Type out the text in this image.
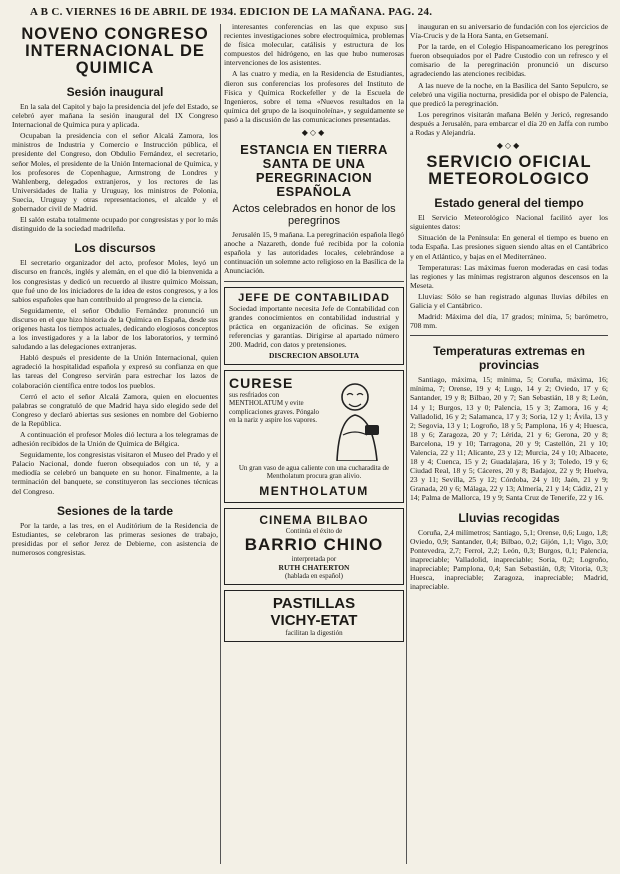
A B C. VIERNES 16 DE ABRIL DE 1934. EDICION DE LA MAÑANA. PAG. 24.
NOVENO CONGRESO INTERNACIONAL DE QUIMICA
Sesión inaugural

En la sala del Capitol y bajo la presidencia del jefe del Estado, se celebró ayer mañana la sesión inaugural del IX Congreso Internacional de Química pura y aplicada.

Ocupaban la presidencia con el señor Alcalá Zamora, los ministros de Industria y Comercio e Instrucción pública, el presidente del Congreso, don Obdulio Fernández, el secretario, señor Moles, el presidente de la Unión Internacional de Química, y los profesores de Copenhague, Armstrong de Londres y Wahlenberg, delegados extranjeros, y los rectores de las Universidades de Italia y Uruguay, los ministros de Polonia, Suecia, Uruguay y otras representaciones, el alcalde y el gobernador civil de Madrid.

El salón estaba totalmente ocupado por congresistas y por lo más distinguido de la sociedad madrileña.

Los discursos

El secretario organizador del acto, profesor Moles, leyó un discurso en francés, inglés y alemán, en el que dió la bienvenida a los congresistas y dedicó un recuerdo al ilustre químico Moissan, que fué uno de los iniciadores de la idea de estos congresos, y a los sabios españoles que han contribuido al progreso de la ciencia.

Seguidamente, el señor Obdulio Fernández pronunció un discurso en el que hizo historia de la Química en España, desde sus orígenes hasta los tiempos actuales, dedicando elogiosos conceptos a los investigadores y a la labor de los laboratorios, y terminó saludando a las delegaciones extranjeras.

Habló después el presidente de la Unión Internacional, quien agradeció la hospitalidad española y expresó su confianza en que las tareas del Congreso servirán para estrechar los lazos de colaboración científica entre todos los pueblos.

Cerró el acto el señor Alcalá Zamora, quien en elocuentes palabras se congratuló de que Madrid haya sido elegido sede del Congreso y declaró abiertas sus sesiones en nombre del Gobierno de la República.

A continuación el profesor Moles dió lectura a los telegramas de adhesión recibidos de la Unión de Química de Bélgica.

Seguidamente, los congresistas visitaron el Museo del Prado y el Palacio Nacional, donde fueron obsequiados con un té, y a mediodía se celebró un banquete en su honor. Finalmente, a la terminación del banquete, se constituyeron las secciones técnicas del Congreso.

Sesiones de la tarde

Por la tarde, a las tres, en el Auditórium de la Residencia de Estudiantes, se celebraron las primeras sesiones de trabajo, presididas por el señor Jerez de Debierne, con asistencia de numerosos congresistas.

interesantes conferencias en las que expuso sus recientes investigaciones sobre electroquímica, problemas de física molecular, catálisis y estructura de los compuestos del hidrógeno, en las que hubo numerosas intervenciones de los asistentes.

A las cuatro y media, en la Residencia de Estudiantes, dieron sus conferencias los profesores del Instituto de Física y Química Rockefeller y de la Escuela de Ingenieros, sobre el tema «Nuevos resultados en la química del grupo de la isoquinoleína», y seguidamente se pasó a la discusión de las comunicaciones presentadas.

◆◇◆
ESTANCIA EN TIERRA SANTA DE UNA PEREGRINACION ESPAÑOLA
Actos celebrados en honor de los peregrinos

Jerusalén 15, 9 mañana. La peregrinación española llegó anoche a Nazareth, donde fué recibida por la colonia española y las autoridades locales, celebrándose a continuación un solemne acto religioso en la Basílica de la Anunciación.

JEFE DE CONTABILIDAD

Sociedad importante necesita Jefe de Contabilidad con grandes conocimientos en contabilidad industrial y práctica en organización de oficinas. Se exigen referencias y garantías. Dirigirse al apartado número 200. Madrid, con datos y pretensiones.

DISCRECION ABSOLUTA
CURESE
sus resfriados con MENTHOLATUM y evite complicaciones graves. Póngalo en la nariz y aspire los vapores.
Un gran vaso de agua caliente con una cucharadita de Mentholatum procura gran alivio.
MENTHOLATUM
CINEMA BILBAO
Continúa el éxito de
BARRIO CHINO
interpretada por
RUTH CHATERTON
(hablada en español)
PASTILLAS
VICHY-ETAT
facilitan la digestión

inauguran en su aniversario de fundación con los ejercicios de Vía-Crucis y de la Hora Santa, en Getsemaní.

Por la tarde, en el Colegio Hispanoamericano los peregrinos fueron obsequiados por el Padre Custodio con un refresco y el comisario de la peregrinación pronunció un discurso agradeciendo las atenciones recibidas.

A las nueve de la noche, en la Basílica del Santo Sepulcro, se celebró una vigilia nocturna, presidida por el obispo de Palencia, que predicó la peregrinación.

Los peregrinos visitarán mañana Belén y Jericó, regresando después a Jerusalén, para embarcar el día 20 en Jaffa con rumbo a Rodas y Alejandría.

◆◇◆
SERVICIO OFICIAL METEOROLOGICO
Estado general del tiempo

El Servicio Meteorológico Nacional facilitó ayer los siguientes datos:

Situación de la Península: En general el tiempo es bueno en toda España. Las presiones siguen siendo altas en el Cantábrico y en el Atlántico, y bajas en el Mediterráneo.

Temperaturas: Las máximas fueron moderadas en casi todas las regiones y las mínimas registraron algunos descensos en la Meseta.

Lluvias: Sólo se han registrado algunas lluvias débiles en Galicia y el Cantábrico.

Madrid: Máxima del día, 17 grados; mínima, 5; barómetro, 708 mm.

Temperaturas extremas en provincias

Santiago, máxima, 15; mínima, 5; Coruña, máxima, 16; mínima, 7; Orense, 19 y 4; Lugo, 14 y 2; Oviedo, 17 y 6; Santander, 19 y 8; Bilbao, 20 y 7; San Sebastián, 18 y 8; León, 14 y 1; Burgos, 13 y 0; Palencia, 15 y 3; Zamora, 16 y 4; Valladolid, 16 y 2; Salamanca, 17 y 3; Soria, 12 y 1; Ávila, 13 y 2; Segovia, 13 y 1; Logroño, 18 y 5; Pamplona, 16 y 4; Huesca, 18 y 6; Zaragoza, 20 y 7; Lérida, 21 y 6; Gerona, 20 y 8; Barcelona, 19 y 10; Tarragona, 20 y 9; Castellón, 21 y 10; Valencia, 22 y 11; Alicante, 23 y 12; Murcia, 24 y 10; Albacete, 18 y 4; Cuenca, 15 y 2; Guadalajara, 16 y 3; Toledo, 19 y 6; Ciudad Real, 18 y 5; Cáceres, 20 y 8; Badajoz, 22 y 9; Huelva, 23 y 11; Sevilla, 25 y 12; Córdoba, 24 y 10; Jaén, 21 y 9; Granada, 20 y 6; Málaga, 22 y 13; Almería, 21 y 14; Cádiz, 21 y 14; Palma de Mallorca, 19 y 9; Santa Cruz de Tenerife, 22 y 16.

Lluvias recogidas

Coruña, 2,4 milímetros; Santiago, 5,1; Orense, 0,6; Lugo, 1,8; Oviedo, 0,9; Santander, 0,4; Bilbao, 0,2; Gijón, 1,1; Vigo, 3,0; Pontevedra, 2,7; Ferrol, 2,2; León, 0,3; Burgos, 0,1; Palencia, inapreciable; Valladolid, inapreciable; Soria, 0,2; Logroño, inapreciable; Pamplona, 0,4; San Sebastián, 0,8; Vitoria, 0,3; Huesca, inapreciable; Zaragoza, inapreciable; Madrid, inapreciable.
